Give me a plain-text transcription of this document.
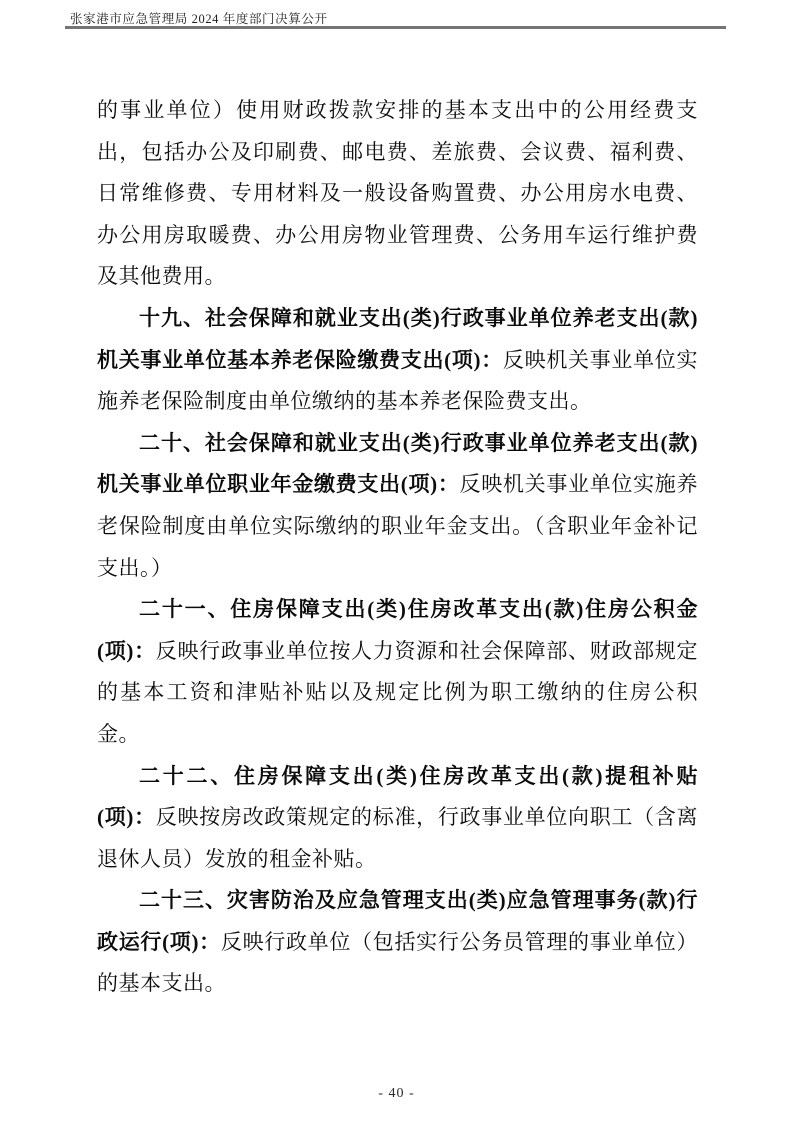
张家港市应急管理局 2024 年度部门决算公开

的事业单位）使用财政拨款安排的基本支出中的公用经费支出，包括办公及印刷费、邮电费、差旅费、会议费、福利费、日常维修费、专用材料及一般设备购置费、办公用房水电费、办公用房取暖费、办公用房物业管理费、公务用车运行维护费及其他费用。

十九、社会保障和就业支出(类)行政事业单位养老支出(款)机关事业单位基本养老保险缴费支出(项)：反映机关事业单位实施养老保险制度由单位缴纳的基本养老保险费支出。

二十、社会保障和就业支出(类)行政事业单位养老支出(款)机关事业单位职业年金缴费支出(项)：反映机关事业单位实施养老保险制度由单位实际缴纳的职业年金支出。（含职业年金补记支出。）

二十一、住房保障支出(类)住房改革支出(款)住房公积金(项)：反映行政事业单位按人力资源和社会保障部、财政部规定的基本工资和津贴补贴以及规定比例为职工缴纳的住房公积金。

二十二、住房保障支出(类)住房改革支出(款)提租补贴(项)：反映按房改政策规定的标准，行政事业单位向职工（含离退休人员）发放的租金补贴。

二十三、灾害防治及应急管理支出(类)应急管理事务(款)行政运行(项)：反映行政单位（包括实行公务员管理的事业单位）的基本支出。

- 40 -
